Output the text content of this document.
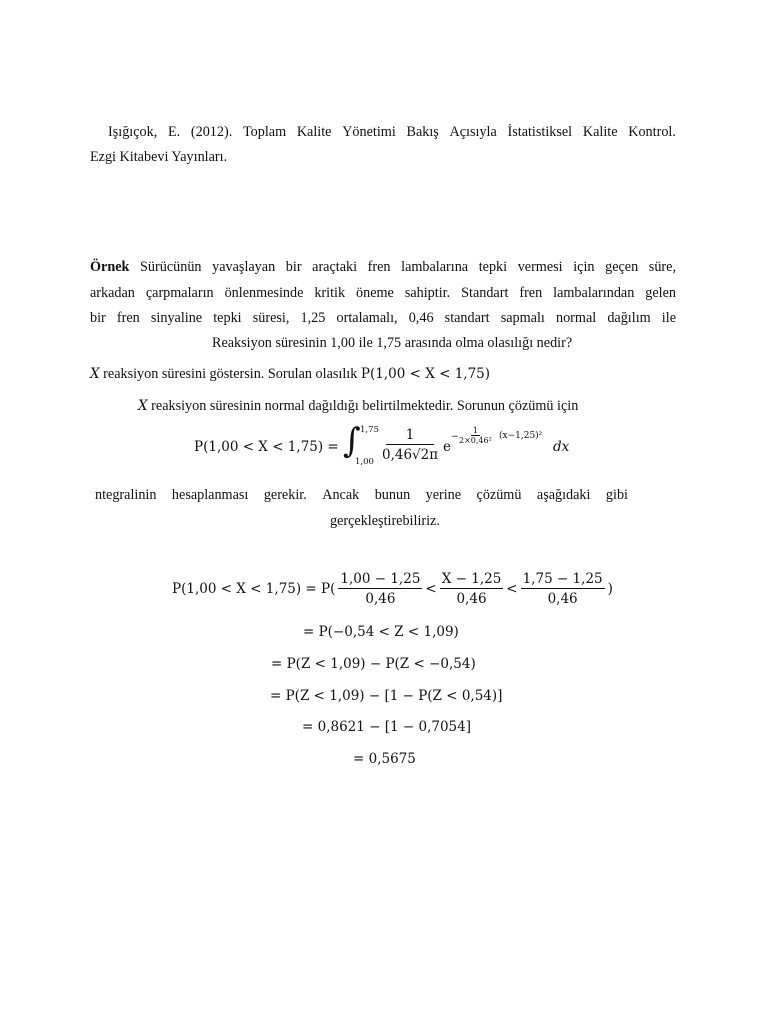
Işığıçok, E. (2012). Toplam Kalite Yönetimi Bakış Açısıyla İstatistiksel Kalite Kontrol.
Ezgi Kitabevi Yayınları.
Örnek Sürücünün yavaşlayan bir araçtaki fren lambalarına tepki vermesi için geçen süre,
arkadan çarpmaların önlenmesinde kritik öneme sahiptir. Standart fren lambalarından gelen
bir fren sinyaline tepki süresi, 1,25 ortalamalı, 0,46 standart sapmalı normal dağılım ile
Reaksiyon süresinin 1,00 ile 1,75 arasında olma olasılığı nedir?
X reaksiyon süresini göstersin. Sorulan olasılık P(1,00 < X < 1,75)
X reaksiyon süresinin normal dağıldığı belirtilmektedir. Sorunun çözümü için
P(1,00 < X < 1,75) = ∫ 1,75
$1,00 \frac{1}{0,46√2\pi}$ e
− $\frac{1}{\text{2×0,46²}} (x-1,25)^2$
dx
ntegralinin hesaplanması gerekir. Ancak bunun yerine çözümü aşağıdaki gibi
gerçekleştirebiliriz.
$P(1,00 < X < 1,75) = P( \frac{1,00 - 1,25}{0,46} < \frac{X - 1,25}{0,46} < \frac{1,75 - 1,25}{0,46}$ )
= P(−0,54 < Z < 1,09)
= P(Z < 1,09) − P(Z < −0,54)
= P(Z < 1,09) − [1 − P(Z < 0,54)]
= 0,8621 − [1 − 0,7054]
= 0,5675
